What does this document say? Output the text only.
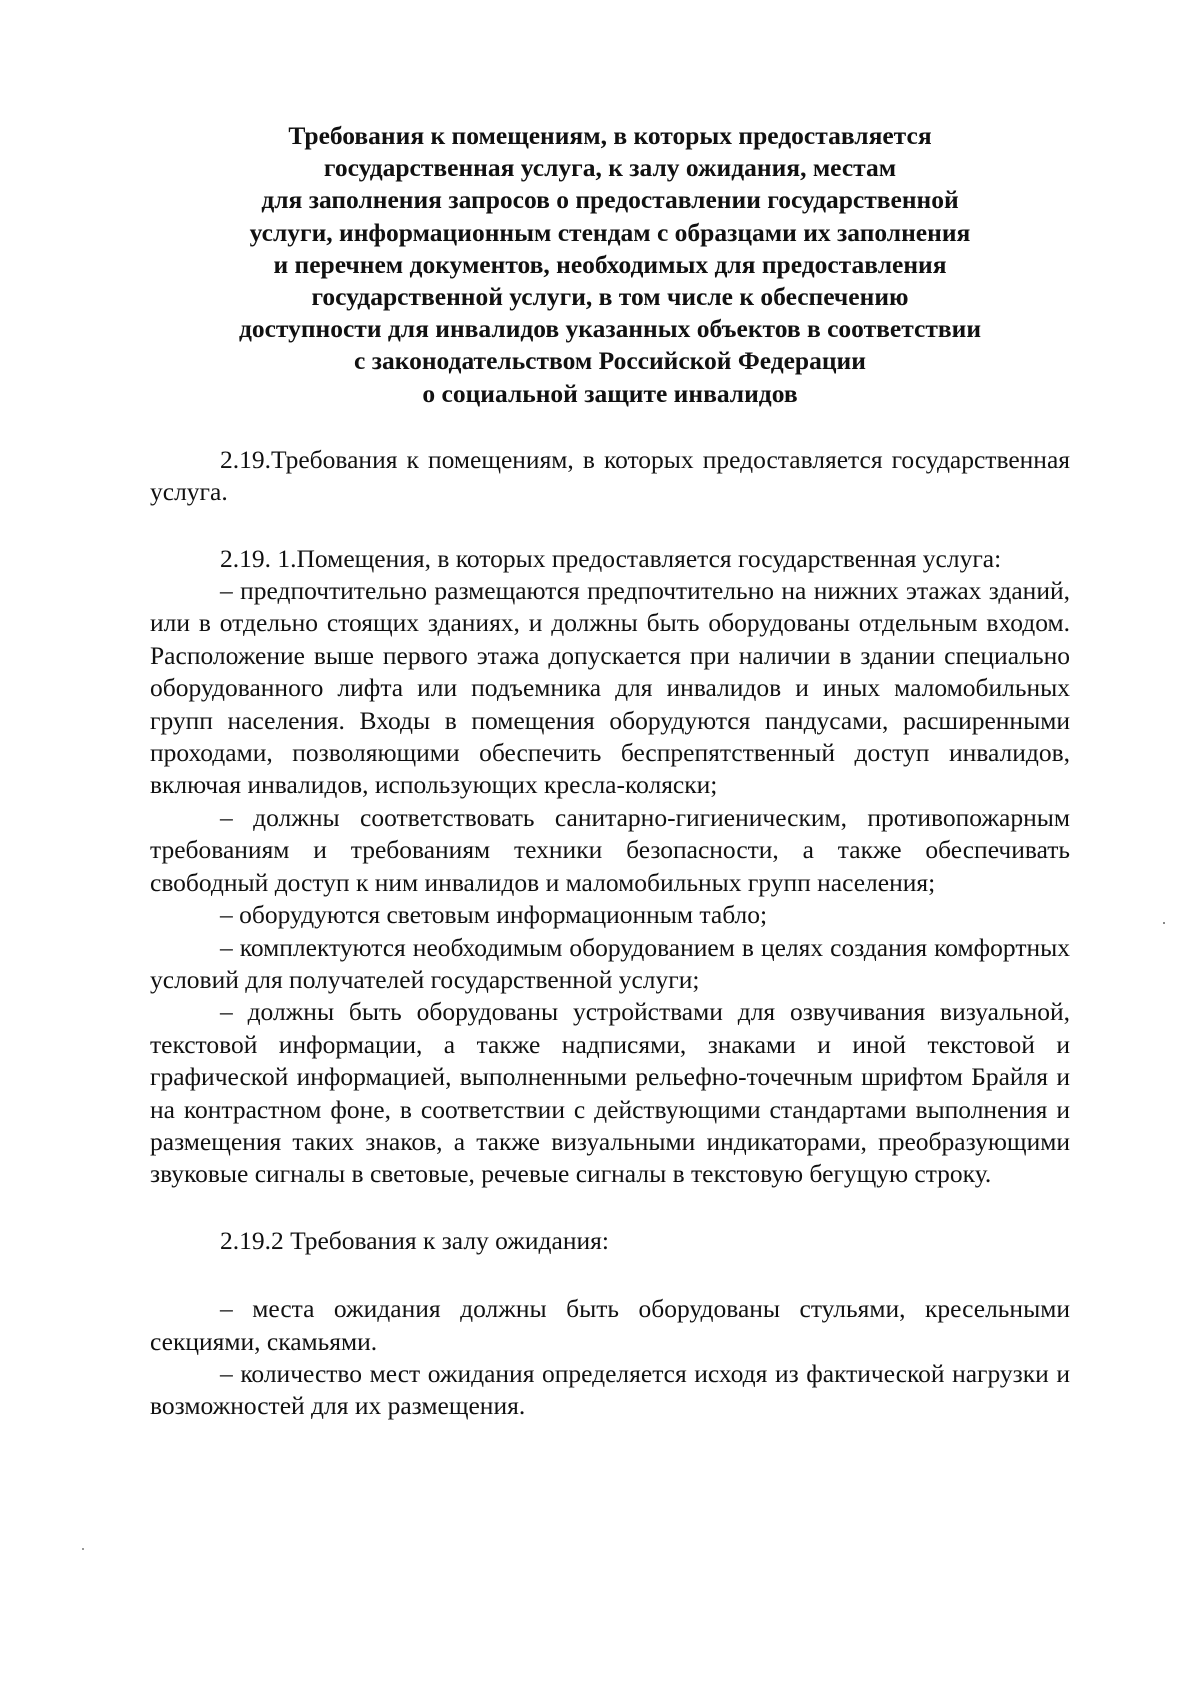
Требования к помещениям, в которых предоставляется
государственная услуга, к залу ожидания, местам
для заполнения запросов о предоставлении государственной
услуги, информационным стендам с образцами их заполнения
и перечнем документов, необходимых для предоставления
государственной услуги, в том числе к обеспечению
доступности для инвалидов указанных объектов в соответствии
с законодательством Российской Федерации
о социальной защите инвалидов

2.19.Требования к помещениям, в которых предоставляется государственная услуга.

2.19. 1.Помещения, в которых предоставляется государственная услуга:

– предпочтительно размещаются предпочтительно на нижних этажах зданий, или в отдельно стоящих зданиях, и должны быть оборудованы отдельным входом. Расположение выше первого этажа допускается при наличии в здании специально оборудованного лифта или подъемника для инвалидов и иных маломобильных групп населения. Входы в помещения оборудуются пандусами, расширенными проходами, позволяющими обеспечить беспрепятственный доступ инвалидов, включая инвалидов, использующих кресла-коляски;

– должны соответствовать санитарно-гигиеническим, противопожарным требованиям и требованиям техники безопасности, а также обеспечивать свободный доступ к ним инвалидов и маломобильных групп населения;

– оборудуются световым информационным табло;

– комплектуются необходимым оборудованием в целях создания комфортных условий для получателей государственной услуги;

– должны быть оборудованы устройствами для озвучивания визуальной, текстовой информации, а также надписями, знаками и иной текстовой и графической информацией, выполненными рельефно-точечным шрифтом Брайля и на контрастном фоне, в соответствии с действующими стандартами выполнения и размещения таких знаков, а также визуальными индикаторами, преобразующими звуковые сигналы в световые, речевые сигналы в текстовую бегущую строку.

2.19.2 Требования к залу ожидания:

– места ожидания должны быть оборудованы стульями, кресельными секциями, скамьями.

– количество мест ожидания определяется исходя из фактической нагрузки и возможностей для их размещения.
